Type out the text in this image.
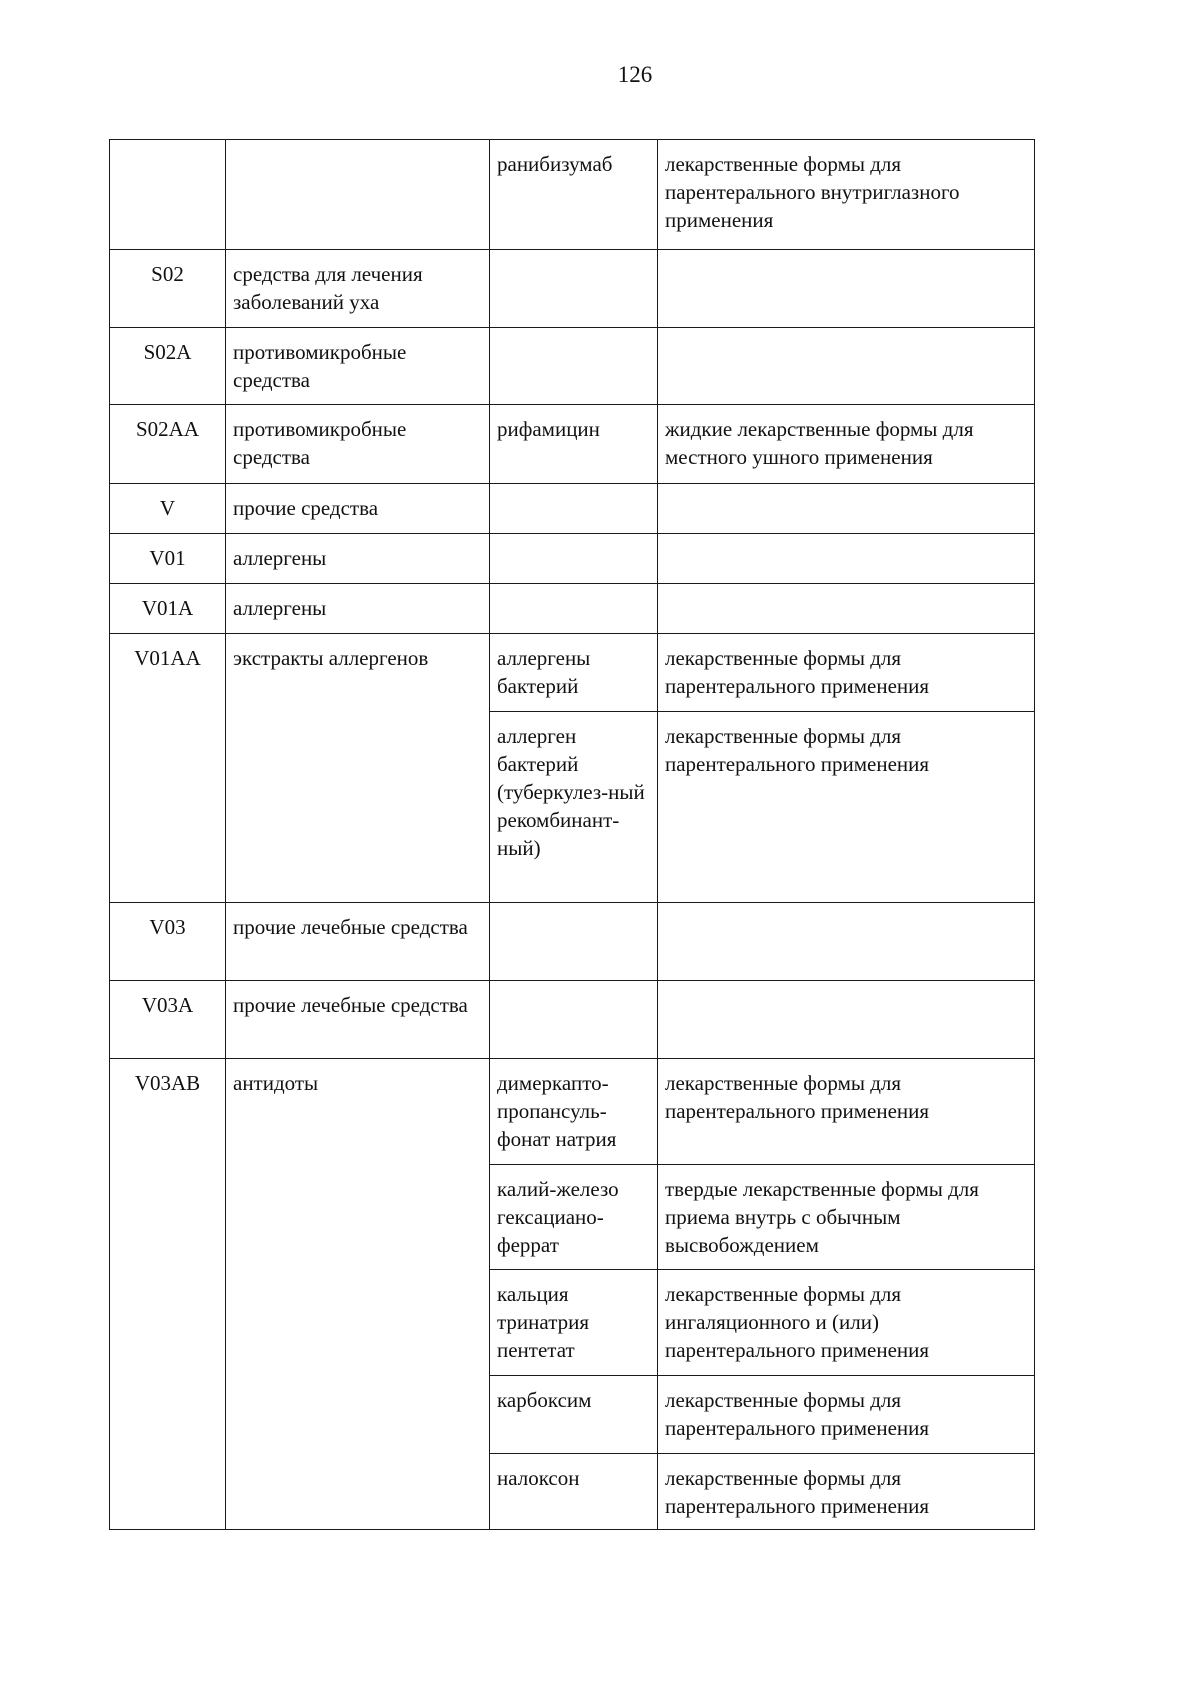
126
		ранибизумаб	лекарственные формы для парентерального внутриглазного применения
S02	средства для лечения заболеваний уха		
S02A	противомикробные средства		
S02AA	противомикробные средства	рифамицин	жидкие лекарственные формы для местного ушного применения
V	прочие средства		
V01	аллергены		
V01A	аллергены		
V01AA	экстракты аллергенов	аллергены бактерий	лекарственные формы для парентерального применения
		аллерген бактерий (туберкулез-ный рекомбинант-ный)	лекарственные формы для парентерального применения
V03	прочие лечебные средства		
V03A	прочие лечебные средства		
V03AB	антидоты	димеркапто-пропансуль-фонат натрия	лекарственные формы для парентерального применения
		калий-железо гексациано-феррат	твердые лекарственные формы для приема внутрь с обычным высвобождением
		кальция тринатрия пентетат	лекарственные формы для ингаляционного и (или) парентерального применения
		карбоксим	лекарственные формы для парентерального применения
		налоксон	лекарственные формы для парентерального применения
